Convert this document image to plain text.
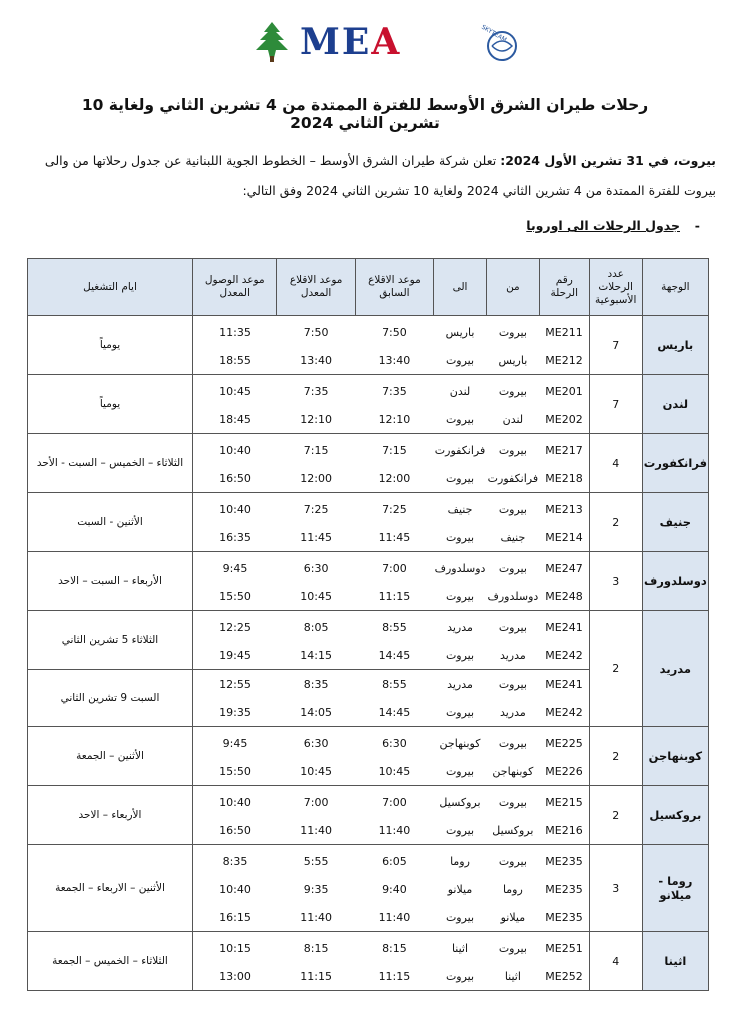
MEA	SKYTEAM
رحلات طيران الشرق الأوسط للفترة الممتدة من 4 تشرين الثاني ولغاية 10 تشرين الثاني 2024
بيروت، في 31 تشرين الأول 2024: تعلن شركة طيران الشرق الأوسط – الخطوط الجوية اللبنانية عن جدول رحلاتها من والى بيروت للفترة الممتدة من 4 تشرين الثاني 2024 ولغاية 10 تشرين الثاني 2024 وفق التالي:
-
جدول الرحلات الى اوروبا
الوجهة	عدد الرحلات الأسبوعية	رقم الرحلة	من	الى	موعد الاقلاع السابق	موعد الاقلاع المعدل	موعد الوصول المعدل	ايام التشغيل
باريس	7	ME211	بيروت	باريس	7:50	7:50	11:35	يومياً
		ME212	باريس	بيروت	13:40	13:40	18:55	
لندن	7	ME201	بيروت	لندن	7:35	7:35	10:45	يومياً
		ME202	لندن	بيروت	12:10	12:10	18:45	
فرانكفورت	4	ME217	بيروت	فرانكفورت	7:15	7:15	10:40	الثلاثاء – الخميس – السبت - الأحد
		ME218	فرانكفورت	بيروت	12:00	12:00	16:50	
جنيف	2	ME213	بيروت	جنيف	7:25	7:25	10:40	الأثنين - السبت
		ME214	جنيف	بيروت	11:45	11:45	16:35	
دوسلدورف	3	ME247	بيروت	دوسلدورف	7:00	6:30	9:45	الأربعاء – السبت – الاحد
		ME248	دوسلدورف	بيروت	11:15	10:45	15:50	
مدريد	2	ME241	بيروت	مدريد	8:55	8:05	12:25	الثلاثاء 5 تشرين الثاني
		ME242	مدريد	بيروت	14:45	14:15	19:45	
		ME241	بيروت	مدريد	8:55	8:35	12:55	السبت 9 تشرين الثاني
		ME242	مدريد	بيروت	14:45	14:05	19:35	
كوبنهاجن	2	ME225	بيروت	كوبنهاجن	6:30	6:30	9:45	الأثنين – الجمعة
		ME226	كوبنهاجن	بيروت	10:45	10:45	15:50	
بروكسيل	2	ME215	بيروت	بروكسيل	7:00	7:00	10:40	الأربعاء – الاحد
		ME216	بروكسيل	بيروت	11:40	11:40	16:50	
روما - ميلانو	3	ME235	بيروت	روما	6:05	5:55	8:35	الأثنين – الاربعاء – الجمعة
		ME235	روما	ميلانو	9:40	9:35	10:40	
		ME235	ميلانو	بيروت	11:40	11:40	16:15	
اثينا	4	ME251	بيروت	اثينا	8:15	8:15	10:15	الثلاثاء – الخميس – الجمعة
		ME252	اثينا	بيروت	11:15	11:15	13:00	
